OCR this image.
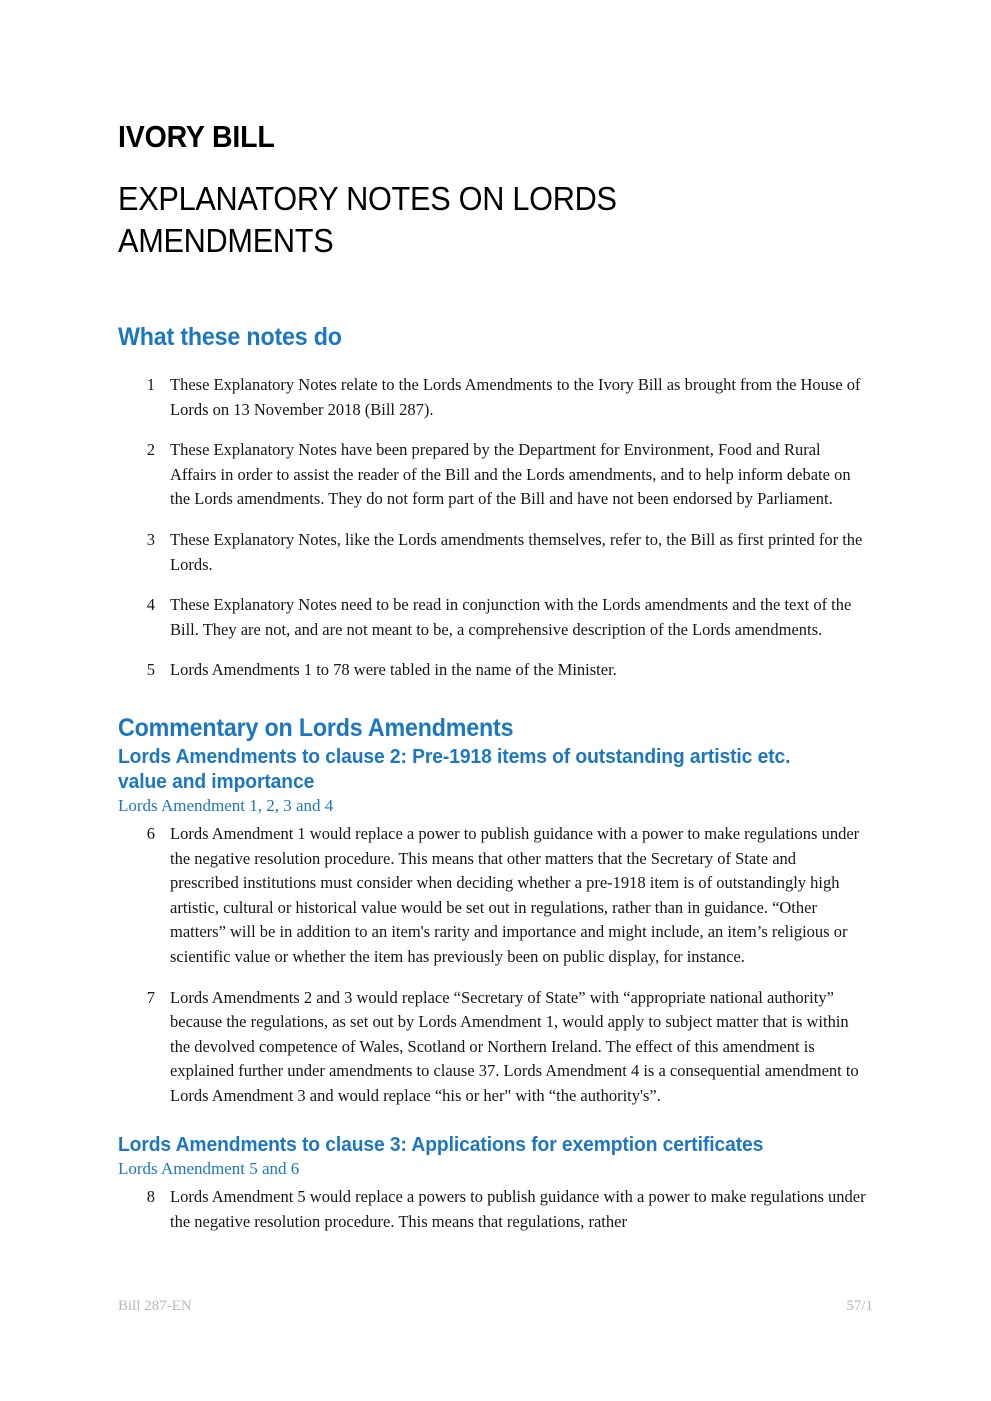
IVORY BILL
EXPLANATORY NOTES ON LORDS AMENDMENTS
What these notes do
1 These Explanatory Notes relate to the Lords Amendments to the Ivory Bill as brought from the House of Lords on 13 November 2018 (Bill 287).
2 These Explanatory Notes have been prepared by the Department for Environment, Food and Rural Affairs in order to assist the reader of the Bill and the Lords amendments, and to help inform debate on the Lords amendments. They do not form part of the Bill and have not been endorsed by Parliament.
3 These Explanatory Notes, like the Lords amendments themselves, refer to, the Bill as first printed for the Lords.
4 These Explanatory Notes need to be read in conjunction with the Lords amendments and the text of the Bill. They are not, and are not meant to be, a comprehensive description of the Lords amendments.
5 Lords Amendments 1 to 78 were tabled in the name of the Minister.
Commentary on Lords Amendments
Lords Amendments to clause 2: Pre-1918 items of outstanding artistic etc. value and importance
Lords Amendment 1, 2, 3 and 4
6 Lords Amendment 1 would replace a power to publish guidance with a power to make regulations under the negative resolution procedure. This means that other matters that the Secretary of State and prescribed institutions must consider when deciding whether a pre-1918 item is of outstandingly high artistic, cultural or historical value would be set out in regulations, rather than in guidance. “Other matters” will be in addition to an item's rarity and importance and might include, an item’s religious or scientific value or whether the item has previously been on public display, for instance.
7 Lords Amendments 2 and 3 would replace “Secretary of State” with “appropriate national authority” because the regulations, as set out by Lords Amendment 1, would apply to subject matter that is within the devolved competence of Wales, Scotland or Northern Ireland. The effect of this amendment is explained further under amendments to clause 37. Lords Amendment 4 is a consequential amendment to Lords Amendment 3 and would replace “his or her" with “the authority's”.
Lords Amendments to clause 3: Applications for exemption certificates
Lords Amendment 5 and 6
8 Lords Amendment 5 would replace a powers to publish guidance with a power to make regulations under the negative resolution procedure. This means that regulations, rather
Bill 287-EN	57/1
